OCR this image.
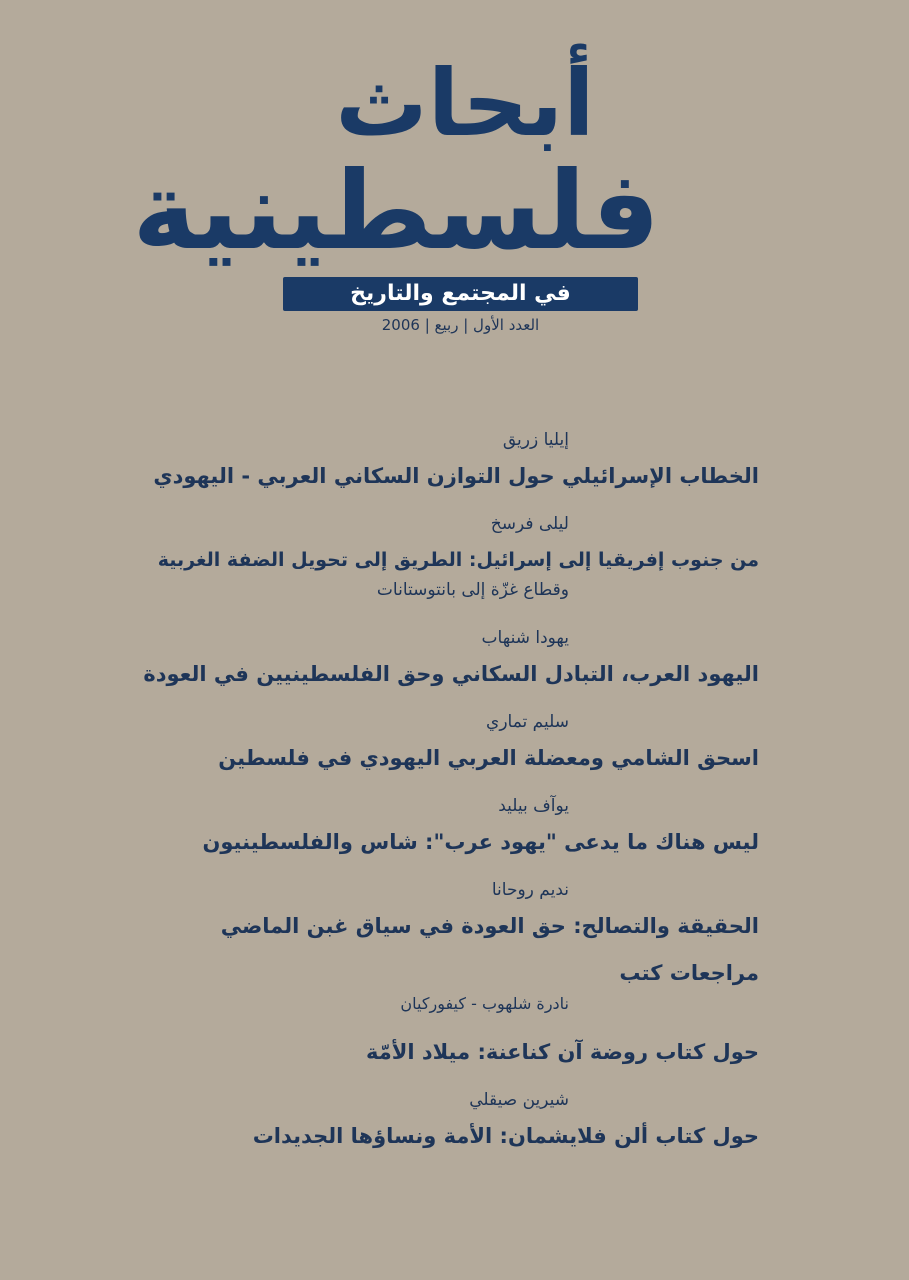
أبحاث
فلسطينية
في المجتمع والتاريخ
العدد الأول | ربيع | 2006
إيليا زريق
الخطاب الإسرائيلي حول التوازن السكاني العربي - اليهودي
ليلى فرسخ
من جنوب إفريقيا إلى إسرائيل: الطريق إلى تحويل الضفة الغربية
وقطاع غزّة إلى بانتوستانات
يهودا شنهاب
اليهود العرب، التبادل السكاني وحق الفلسطينيين في العودة
سليم تماري
اسحق الشامي ومعضلة العربي اليهودي في فلسطين
يوآف بيليد
ليس هناك ما يدعى "يهود عرب": شاس والفلسطينيون
نديم روحانا
الحقيقة والتصالح: حق العودة في سياق غبن الماضي
مراجعات كتب
نادرة شلهوب - كيفوركيان
حول كتاب روضة آن كناعنة: ميلاد الأمّة
شيرين صيقلي
حول كتاب ألن فلايشمان: الأمة ونساؤها الجديدات
